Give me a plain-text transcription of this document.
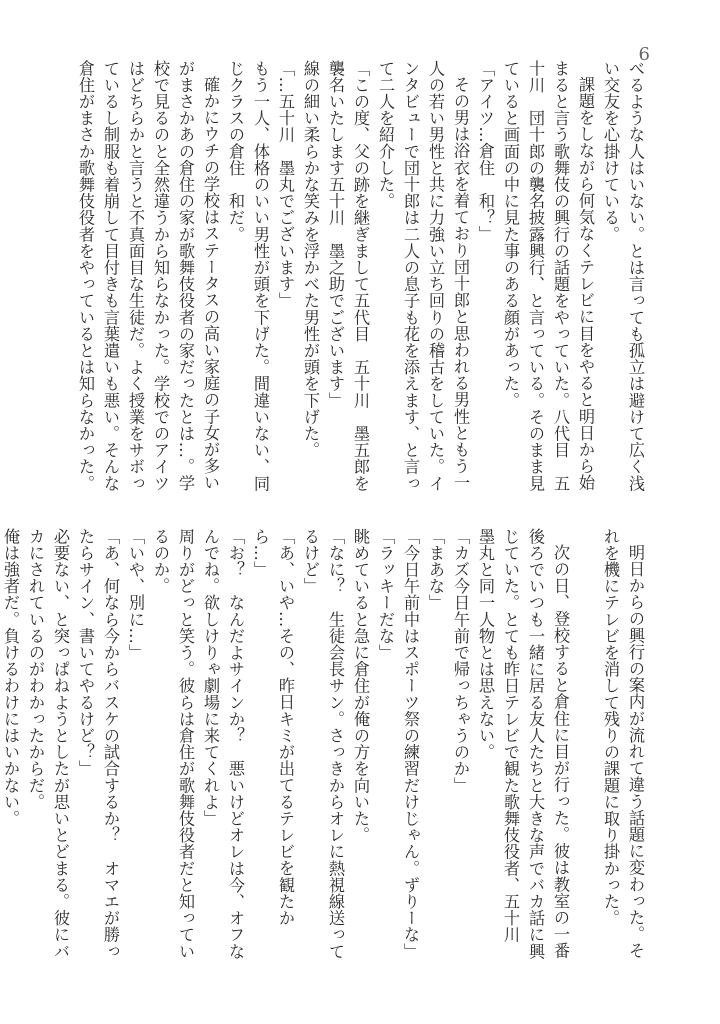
6

べるような人はいない。とは言っても孤立は避けて広く浅い交友を心掛けている。

課題をしながら何気なくテレビに目をやると明日から始まると言う歌舞伎の興行の話題をやっていた。八代目　五十川　団十郎の襲名披露興行、と言っている。そのまま見ていると画面の中に見た事のある顔があった。

「アイツ…倉住　和？」

その男は浴衣を着ており団十郎と思われる男性ともう一人の若い男性と共に力強い立ち回りの稽古をしていた。インタビューで団十郎は二人の息子も花を添えます、と言って二人を紹介した。

「この度、父の跡を継ぎまして五代目　五十川　墨五郎を襲名いたします五十川　墨之助でございます」

線の細い柔らかな笑みを浮かべた男性が頭を下げた。

「…五十川　墨丸でございます」

もう一人、体格のいい男性が頭を下げた。間違いない、同じクラスの倉住　和だ。

確かにウチの学校はステータスの高い家庭の子女が多いがまさかあの倉住の家が歌舞伎役者の家だったとは…。学校で見るのと全然違うから知らなかった。学校でのアイツはどちらかと言うと不真面目な生徒だ。よく授業をサボっているし制服も着崩して目付きも言葉遣いも悪い。そんな倉住がまさか歌舞伎役者をやっているとは知らなかった。

明日からの興行の案内が流れて違う話題に変わった。それを機にテレビを消して残りの課題に取り掛かった。

次の日、登校すると倉住に目が行った。彼は教室の一番後ろでいつも一緒に居る友人たちと大きな声でバカ話に興じていた。とても昨日テレビで観た歌舞伎役者、五十川　墨丸と同一人物とは思えない。

「カズ今日午前で帰っちゃうのか」

「まあな」

「今日午前中はスポーツ祭の練習だけじゃん。ずりーな」

「ラッキーだな」

眺めていると急に倉住が俺の方を向いた。

「なに？　生徒会長サン。さっきからオレに熱視線送ってるけど」

「あ、いや…その、昨日キミが出てるテレビを観たから…」

「お？　なんだよサインか？　悪いけどオレは今、オフなんでね。欲しけりゃ劇場に来てくれよ」

周りがどっと笑う。彼らは倉住が歌舞伎役者だと知っているのか。

「いや、別に…」

「あ、何なら今からバスケの試合するか？　オマエが勝ったらサイン、書いてやるけど？」

必要ない、と突っぱねようとしたが思いとどまる。彼にバカにされているのがわかったからだ。

俺は強者だ。負けるわけにはいかない。
